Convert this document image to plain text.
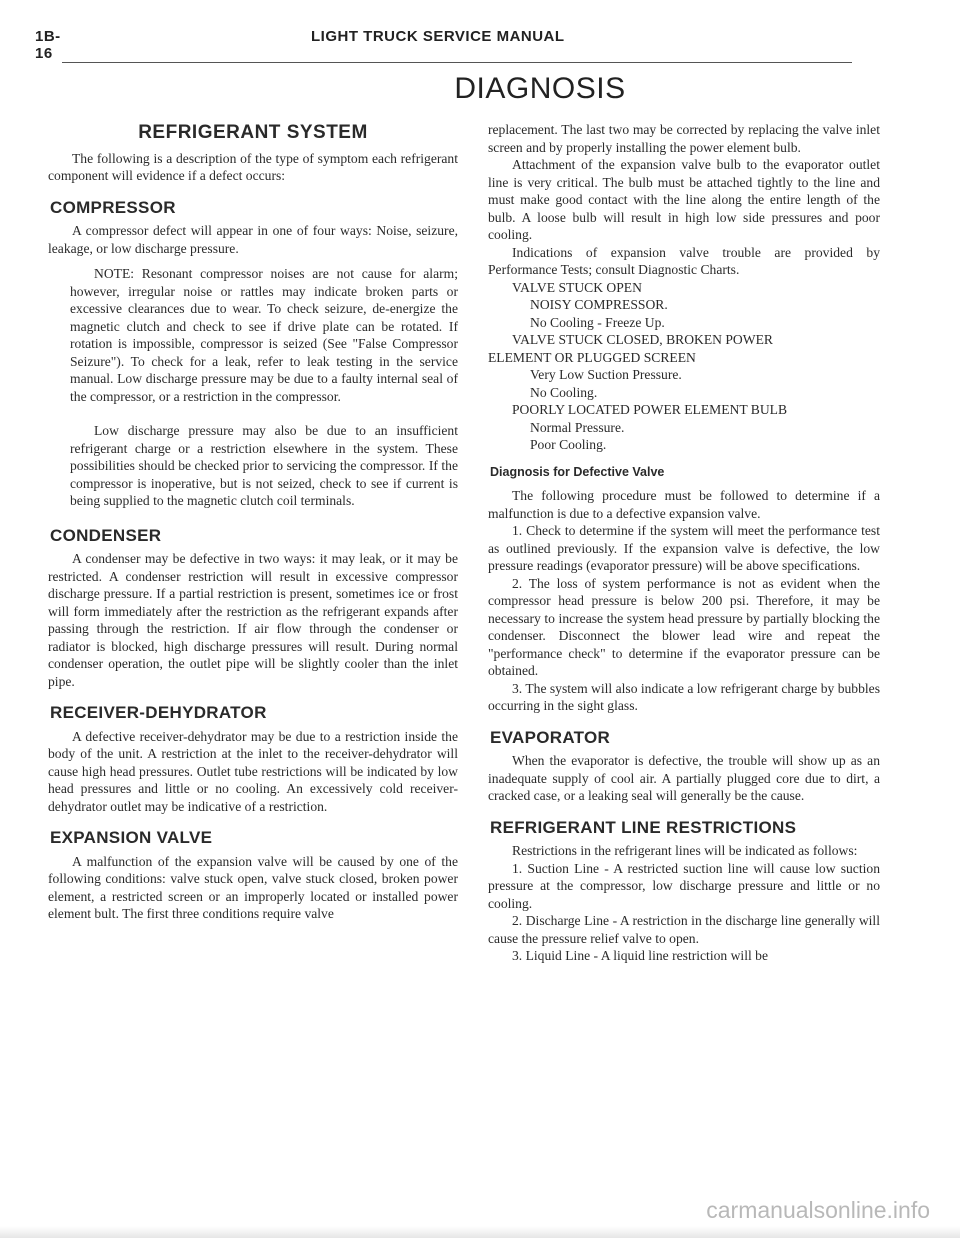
1B-16
LIGHT TRUCK SERVICE MANUAL
DIAGNOSIS
REFRIGERANT SYSTEM

The following is a description of the type of symptom each refrigerant component will evidence if a defect occurs:

COMPRESSOR

A compressor defect will appear in one of four ways: Noise, seizure, leakage, or low discharge pressure.

NOTE: Resonant compressor noises are not cause for alarm; however, irregular noise or rattles may indicate broken parts or excessive clearances due to wear. To check seizure, de-energize the magnetic clutch and check to see if drive plate can be rotated. If rotation is impossible, compressor is seized (See "False Compressor Seizure"). To check for a leak, refer to leak testing in the service manual. Low discharge pressure may be due to a faulty internal seal of the compressor, or a restriction in the compressor.

Low discharge pressure may also be due to an insufficient refrigerant charge or a restriction elsewhere in the system. These possibilities should be checked prior to servicing the compressor. If the compressor is inoperative, but is not seized, check to see if current is being supplied to the magnetic clutch coil terminals.

CONDENSER

A condenser may be defective in two ways: it may leak, or it may be restricted. A condenser restriction will result in excessive compressor discharge pressure. If a partial restriction is present, sometimes ice or frost will form immediately after the restriction as the refrigerant expands after passing through the restriction. If air flow through the condenser or radiator is blocked, high discharge pressures will result. During normal condenser operation, the outlet pipe will be slightly cooler than the inlet pipe.

RECEIVER-DEHYDRATOR

A defective receiver-dehydrator may be due to a restriction inside the body of the unit. A restriction at the inlet to the receiver-dehydrator will cause high head pressures. Outlet tube restrictions will be indicated by low head pressures and little or no cooling. An excessively cold receiver-dehydrator outlet may be indicative of a restriction.

EXPANSION VALVE

A malfunction of the expansion valve will be caused by one of the following conditions: valve stuck open, valve stuck closed, broken power element, a restricted screen or an improperly located or installed power element bult. The first three conditions require valve

replacement. The last two may be corrected by replacing the valve inlet screen and by properly installing the power element bulb.

Attachment of the expansion valve bulb to the evaporator outlet line is very critical. The bulb must be attached tightly to the line and must make good contact with the line along the entire length of the bulb. A loose bulb will result in high low side pressures and poor cooling.

Indications of expansion valve trouble are provided by Performance Tests; consult Diagnostic Charts.

VALVE STUCK OPEN

NOISY COMPRESSOR.

No Cooling - Freeze Up.

VALVE STUCK CLOSED, BROKEN POWER

ELEMENT OR PLUGGED SCREEN

Very Low Suction Pressure.

No Cooling.

POORLY LOCATED POWER ELEMENT BULB

Normal Pressure.

Poor Cooling.

Diagnosis for Defective Valve

The following procedure must be followed to determine if a malfunction is due to a defective expansion valve.

1. Check to determine if the system will meet the performance test as outlined previously. If the expansion valve is defective, the low pressure readings (evaporator pressure) will be above specifications.

2. The loss of system performance is not as evident when the compressor head pressure is below 200 psi. Therefore, it may be necessary to increase the system head pressure by partially blocking the condenser. Disconnect the blower lead wire and repeat the "performance check" to determine if the evaporator pressure can be obtained.

3. The system will also indicate a low refrigerant charge by bubbles occurring in the sight glass.

EVAPORATOR

When the evaporator is defective, the trouble will show up as an inadequate supply of cool air. A partially plugged core due to dirt, a cracked case, or a leaking seal will generally be the cause.

REFRIGERANT LINE RESTRICTIONS

Restrictions in the refrigerant lines will be indicated as follows:

1. Suction Line - A restricted suction line will cause low suction pressure at the compressor, low discharge pressure and little or no cooling.

2. Discharge Line - A restriction in the discharge line generally will cause the pressure relief valve to open.

3. Liquid Line - A liquid line restriction will be

carmanualsonline.info
